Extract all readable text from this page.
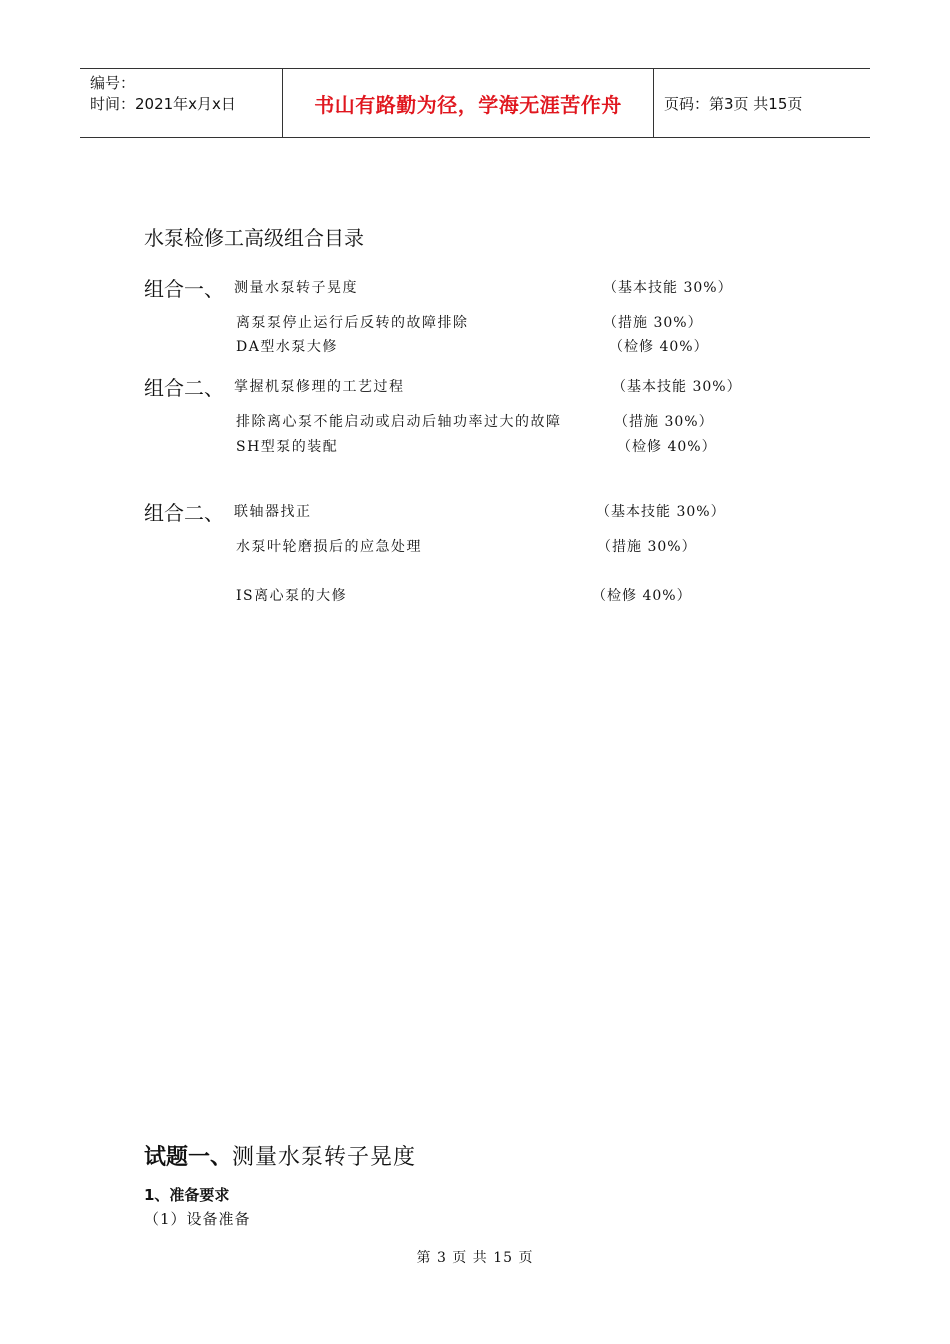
编号：
时间：2021年x月x日	书山有路勤为径，学海无涯苦作舟	页码：第3页 共15页
水泵检修工高级组合目录
组合一、 测量水泵转子晃度	（基本技能 30%）
离泵泵停止运行后反转的故障排除	（措施 30%）
DA型水泵大修	（检修 40%）
组合二、 掌握机泵修理的工艺过程	（基本技能 30%）
排除离心泵不能启动或启动后轴功率过大的故障	（措施 30%）
SH型泵的装配	（检修 40%）
组合二、 联轴器找正	（基本技能 30%）
水泵叶轮磨损后的应急处理	（措施 30%）
IS离心泵的大修	（检修 40%）
试题一、测量水泵转子晃度
1、准备要求
（1）设备准备
第 3 页 共 15 页
